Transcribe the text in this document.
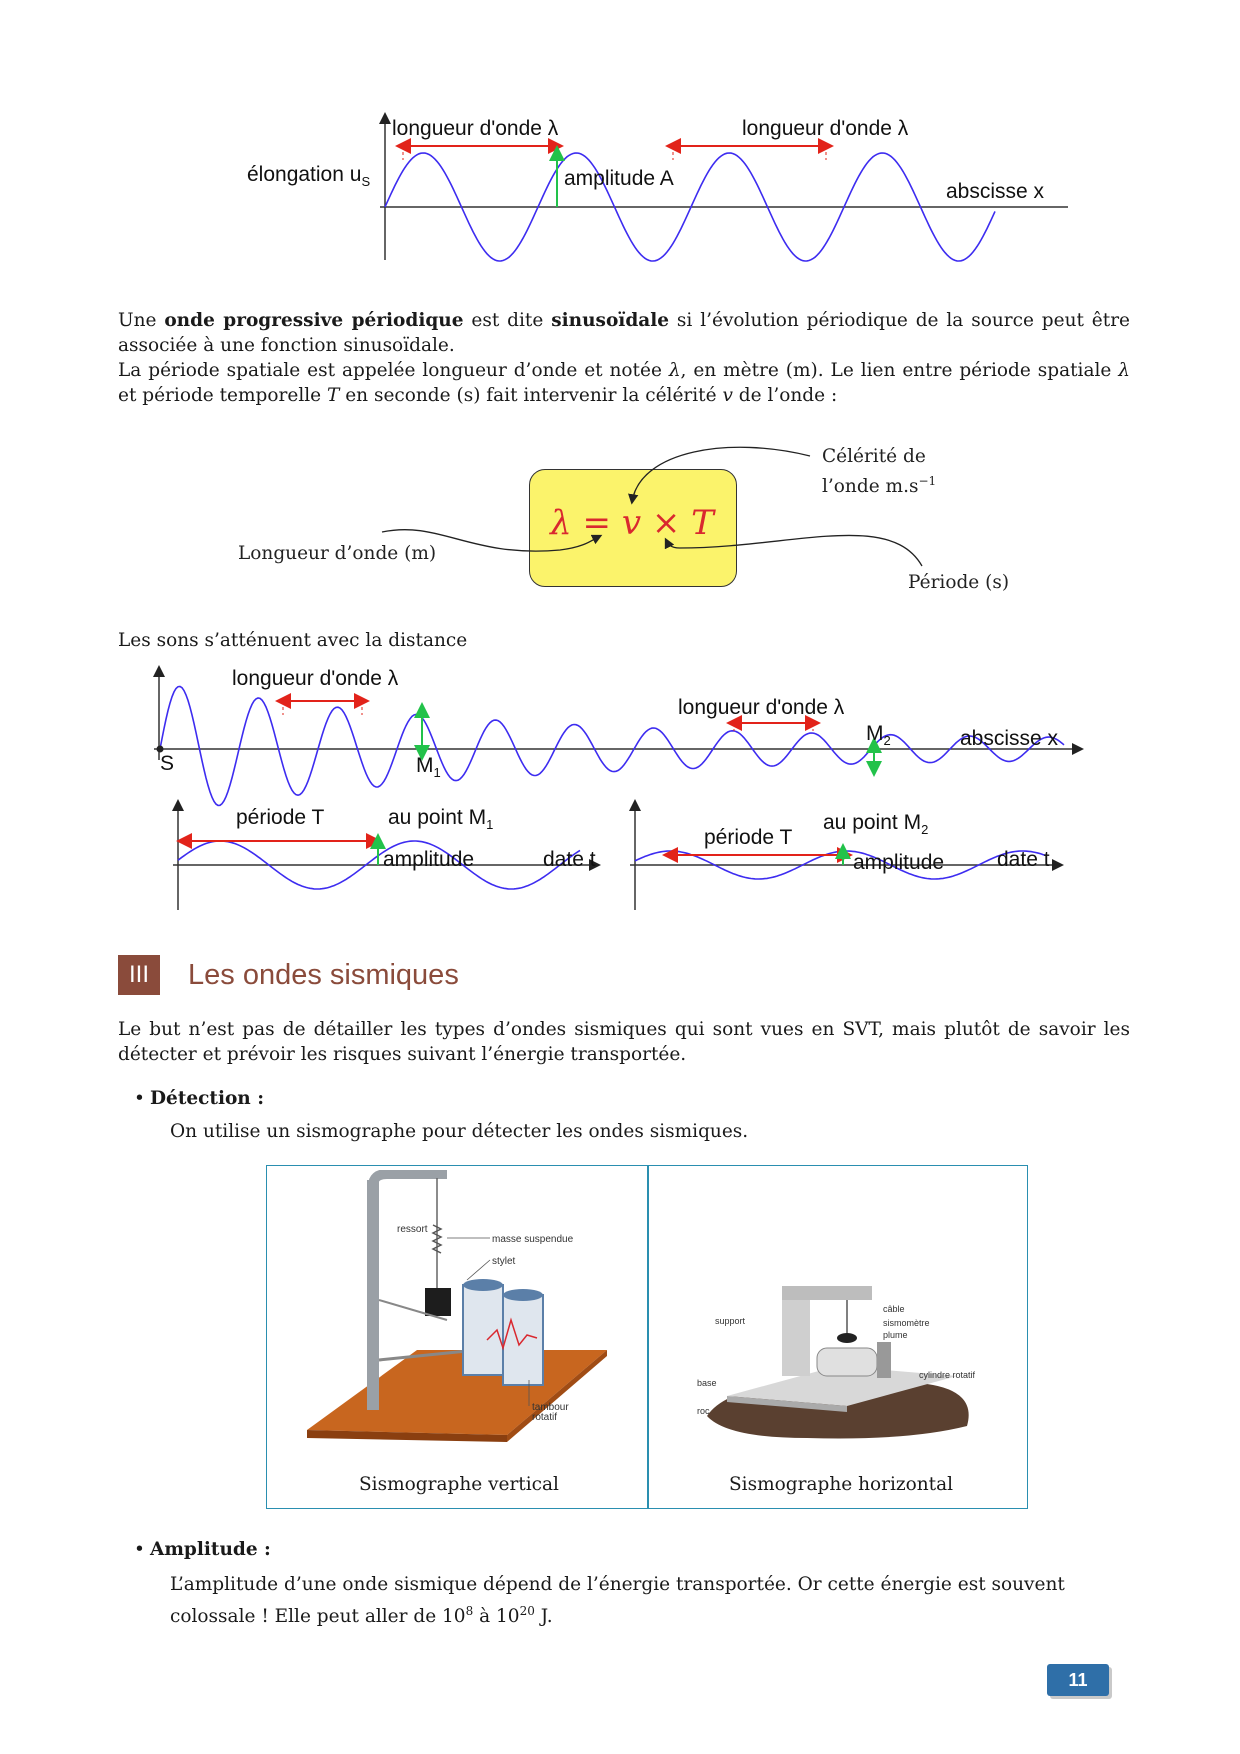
longueur d'onde λ	longueur d'onde λ
élongation $u_S$	amplitude A
abscisse x
Une onde progressive périodique est dite sinusoïdale si l’évolution périodique de la source peut être associée à une fonction sinusoïdale.
La période spatiale est appelée longueur d’onde et notée λ, en mètre (m). Le lien entre période spatiale λ et période temporelle T en seconde (s) fait intervenir la célérité v de l’onde :
λ = v × T
Célérité de
l’onde $m.s^{-1}$
Longueur d’onde (m)
Période (s)
Les sons s’atténuent avec la distance
longueur d'onde λ
longueur d'onde λ
$M_2$	abscisse x
S	$M_1$
période T	au point $M_1$
amplitude	date t
période T
au point $M_2$
amplitude	date t
III	Les ondes sismiques
Le but n’est pas de détailler les types d’ondes sismiques qui sont vues en SVT, mais plutôt de savoir les détecter et prévoir les risques suivant l’énergie transportée.
• Détection :
On utilise un sismographe pour détecter les ondes sismiques.
ressort
masse suspendue
stylet
tambour
rotatif
support
câble
sismomètre
plume
cylindre rotatif
base
roc
Sismographe vertical	Sismographe horizontal
• Amplitude :
L’amplitude d’une onde sismique dépend de l’énergie transportée. Or cette énergie est souvent colossale ! Elle peut aller de $10^8$ à $10^{20}$ J.
11
